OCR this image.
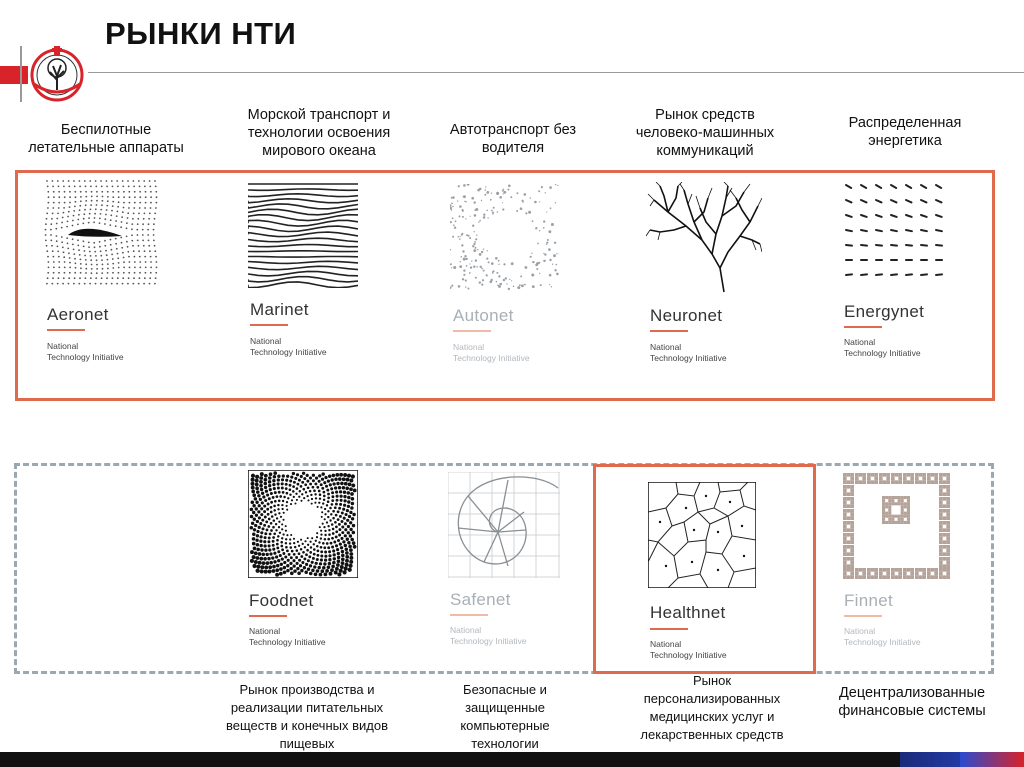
РЫНКИ НТИ
Беспилотные летательные аппараты
Морской транспорт и технологии освоения мирового океана
Автотранспорт без водителя
Рынок средств человеко-машинных коммуникаций
Распределенная энергетика
Aeronet
National
Technology Initiative
Marinet
National
Technology Initiative
Autonet
National
Technology Initiative
Neuronet
National
Technology Initiative
Energynet
National
Technology Initiative
Foodnet
National
Technology Initiative
Safenet
National
Technology Initiative
Healthnet
National
Technology Initiative
Finnet
National
Technology Initiative
Рынок производства и реализации питательных веществ и конечных видов пищевых
Безопасные и защищенные компьютерные технологии
Рынок персонализированных медицинских услуг и лекарственных средств
Децентрализованные финансовые системы
